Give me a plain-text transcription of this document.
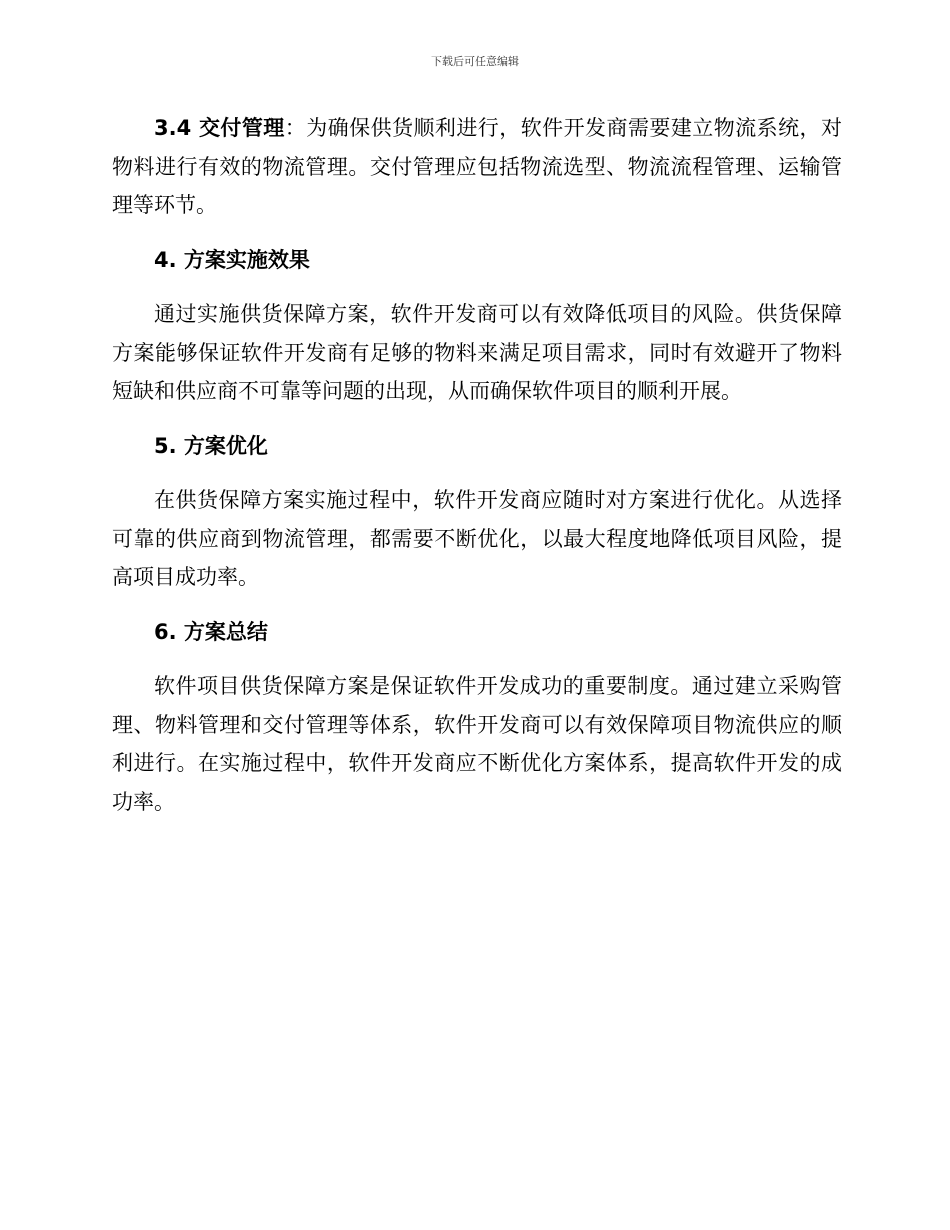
下载后可任意编辑

3.4 交付管理：为确保供货顺利进行，软件开发商需要建立物流系统，对物料进行有效的物流管理。交付管理应包括物流选型、物流流程管理、运输管理等环节。

4. 方案实施效果

通过实施供货保障方案，软件开发商可以有效降低项目的风险。供货保障方案能够保证软件开发商有足够的物料来满足项目需求，同时有效避开了物料短缺和供应商不可靠等问题的出现，从而确保软件项目的顺利开展。

5. 方案优化

在供货保障方案实施过程中，软件开发商应随时对方案进行优化。从选择可靠的供应商到物流管理，都需要不断优化，以最大程度地降低项目风险，提高项目成功率。

6. 方案总结

软件项目供货保障方案是保证软件开发成功的重要制度。通过建立采购管理、物料管理和交付管理等体系，软件开发商可以有效保障项目物流供应的顺利进行。在实施过程中，软件开发商应不断优化方案体系，提高软件开发的成功率。
